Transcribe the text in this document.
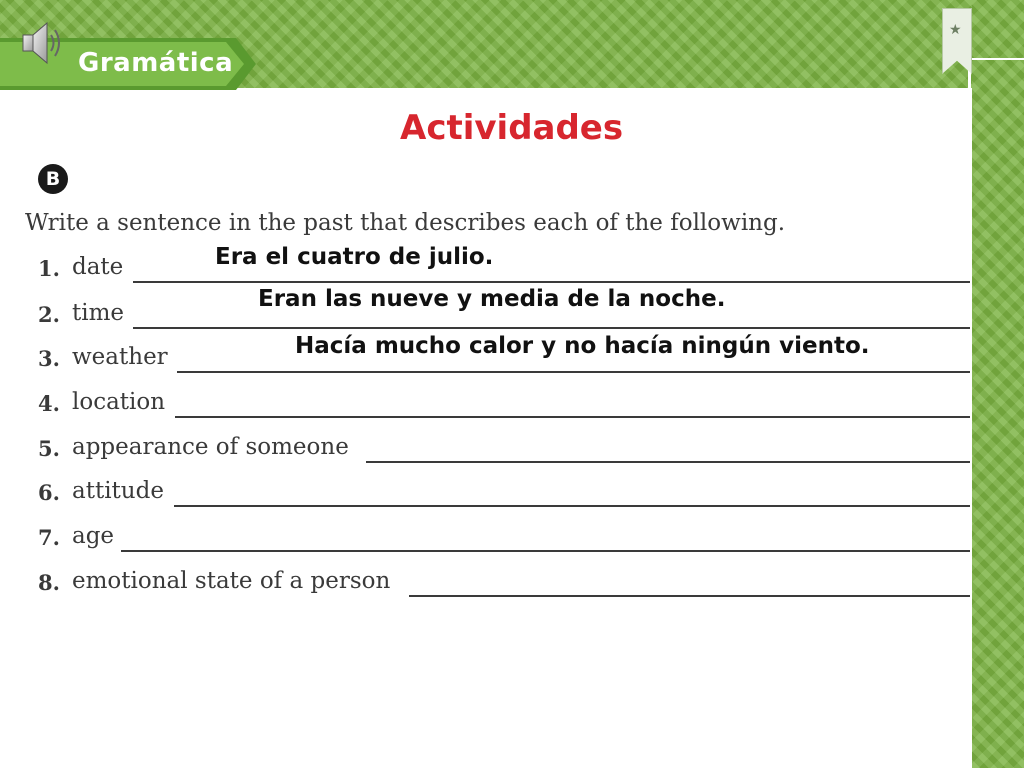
★
Gramática
Actividades
B
Write a sentence in the past that describes each of the following.
1. date
2. time
3. weather
4. location
5. appearance of someone
6. attitude
7. age
8. emotional state of a person
Era el cuatro de julio.
Eran las nueve y media de la noche.
Hacía mucho calor y no hacía ningún viento.
